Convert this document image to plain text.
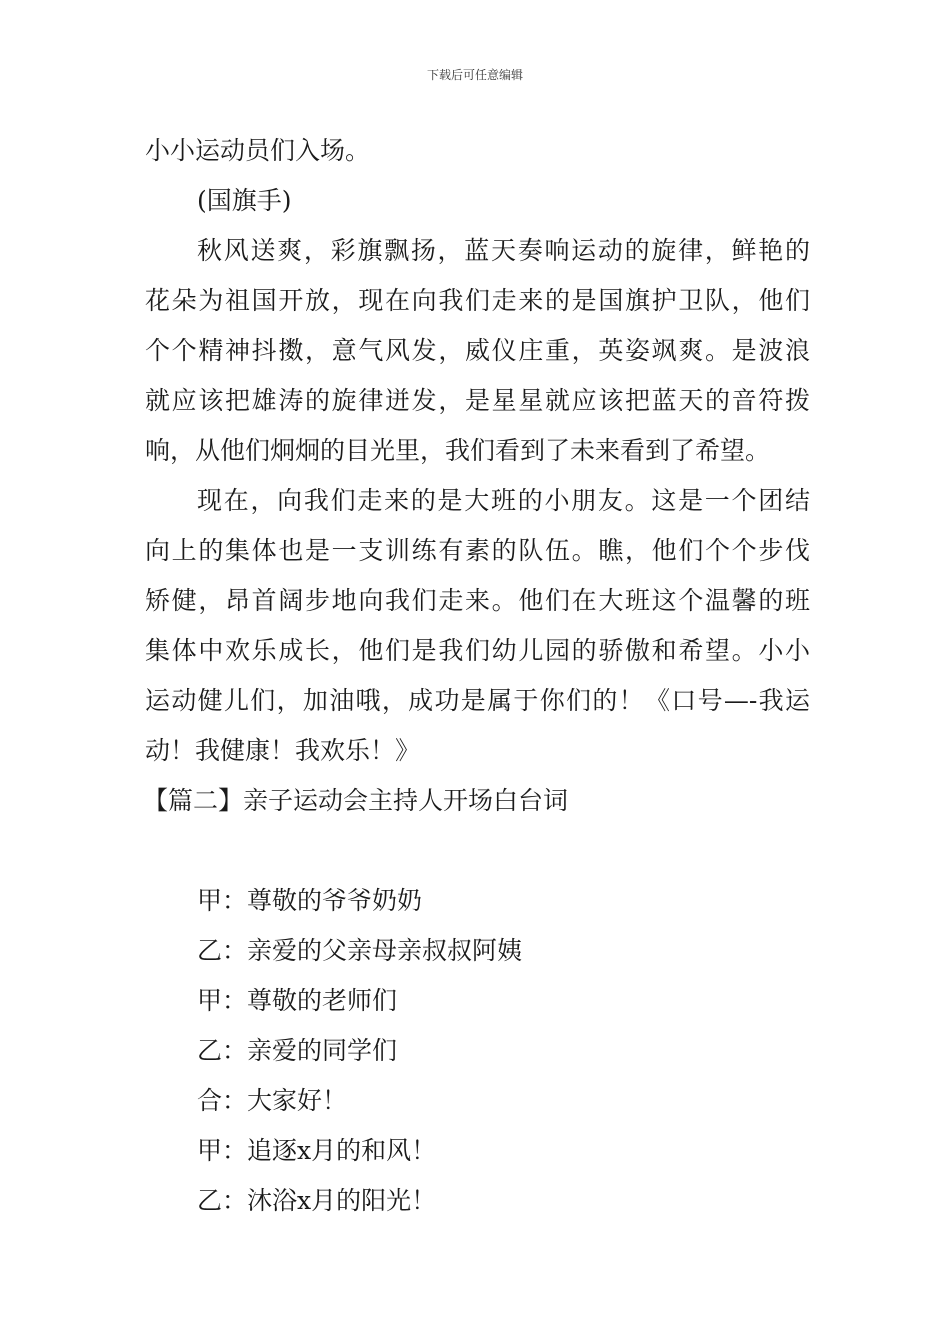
下载后可任意编辑
小小运动员们入场。
(国旗手)
秋风送爽，彩旗飘扬，蓝天奏响运动的旋律，鲜艳的
花朵为祖国开放，现在向我们走来的是国旗护卫队，他们
个个精神抖擞，意气风发，威仪庄重，英姿飒爽。是波浪
就应该把雄涛的旋律迸发，是星星就应该把蓝天的音符拨
响，从他们炯炯的目光里，我们看到了未来看到了希望。
现在，向我们走来的是大班的小朋友。这是一个团结
向上的集体也是一支训练有素的队伍。瞧，他们个个步伐
矫健，昂首阔步地向我们走来。他们在大班这个温馨的班
集体中欢乐成长，他们是我们幼儿园的骄傲和希望。小小
运动健儿们，加油哦，成功是属于你们的！《口号—-我运
动！我健康！我欢乐！》
【篇二】亲子运动会主持人开场白台词
甲：尊敬的爷爷奶奶
乙：亲爱的父亲母亲叔叔阿姨
甲：尊敬的老师们
乙：亲爱的同学们
合：大家好！
甲：追逐x月的和风！
乙：沐浴x月的阳光！
